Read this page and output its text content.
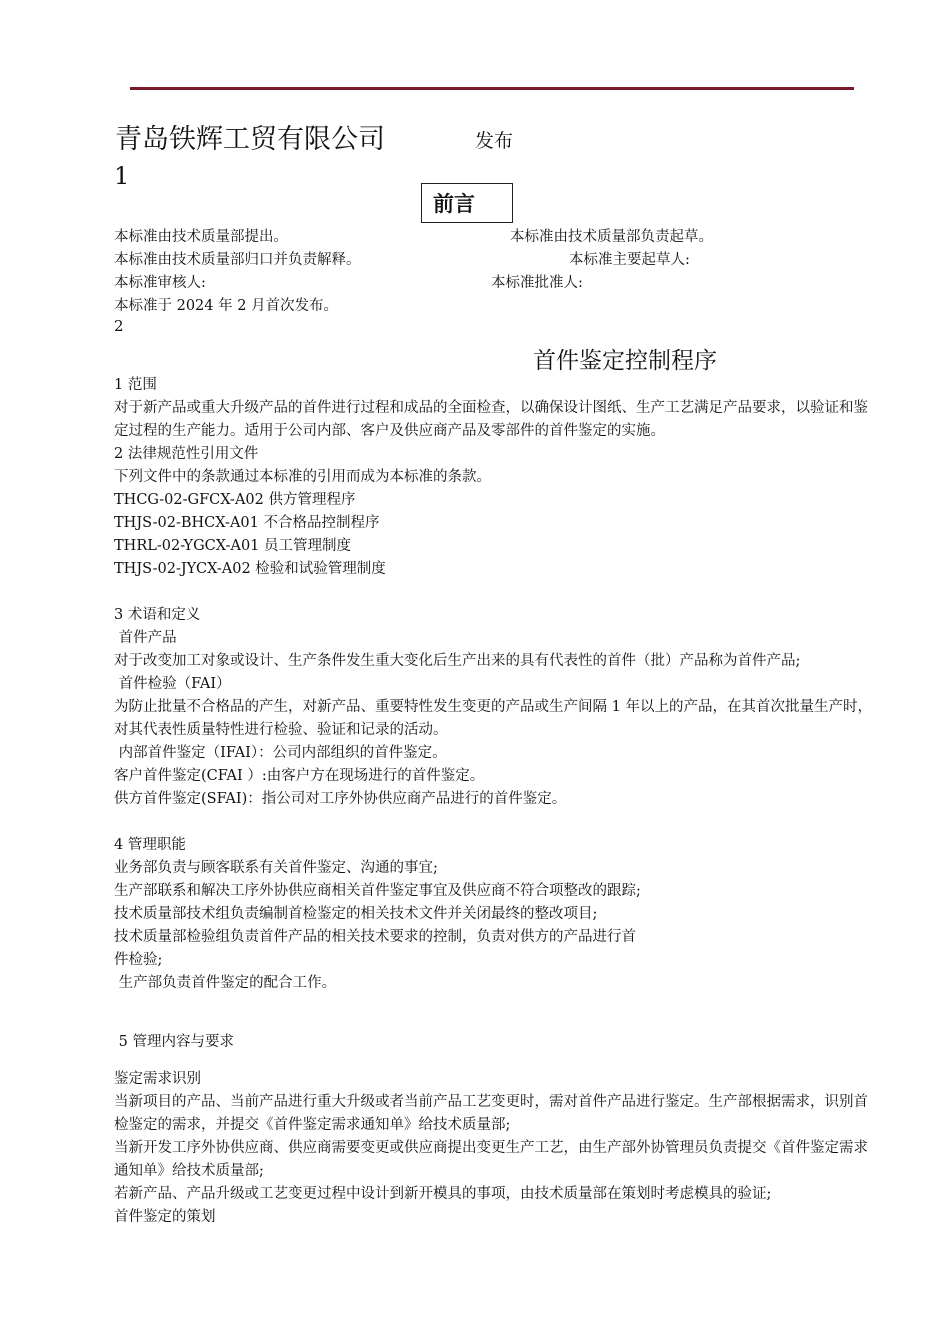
青岛铁辉工贸有限公司	发布
1
前言
本标准由技术质量部提出。	本标准由技术质量部负责起草。
本标准由技术质量部归口并负责解释。	本标准主要起草人:
本标准审核人:	本标准批准人:
本标准于 2024 年 2 月首次发布。
2
首件鉴定控制程序

1 范围

对于新产品或重大升级产品的首件进行过程和成品的全面检查，以确保设计图纸、生产工艺满足产品要求，以验证和鉴定过程的生产能力。适用于公司内部、客户及供应商产品及零部件的首件鉴定的实施。

2 法律规范性引用文件

下列文件中的条款通过本标准的引用而成为本标准的条款。

THCG-02-GFCX-A02 供方管理程序

THJS-02-BHCX-A01 不合格品控制程序

THRL-02-YGCX-A01 员工管理制度

THJS-02-JYCX-A02 检验和试验管理制度

3 术语和定义

首件产品

对于改变加工对象或设计、生产条件发生重大变化后生产出来的具有代表性的首件（批）产品称为首件产品;

首件检验（FAI）

为防止批量不合格品的产生，对新产品、重要特性发生变更的产品或生产间隔 1 年以上的产品，在其首次批量生产时，对其代表性质量特性进行检验、验证和记录的活动。

内部首件鉴定（IFAI）：公司内部组织的首件鉴定。

客户首件鉴定(CFAI ）:由客户方在现场进行的首件鉴定。

供方首件鉴定(SFAI)：指公司对工序外协供应商产品进行的首件鉴定。

4 管理职能

业务部负责与顾客联系有关首件鉴定、沟通的事宜;

生产部联系和解决工序外协供应商相关首件鉴定事宜及供应商不符合项整改的跟踪;

技术质量部技术组负责编制首检鉴定的相关技术文件并关闭最终的整改项目;

技术质量部检验组负责首件产品的相关技术要求的控制，负责对供方的产品进行首

件检验;

生产部负责首件鉴定的配合工作。

5 管理内容与要求

鉴定需求识别

当新项目的产品、当前产品进行重大升级或者当前产品工艺变更时，需对首件产品进行鉴定。生产部根据需求，识别首检鉴定的需求，并提交《首件鉴定需求通知单》给技术质量部;

当新开发工序外协供应商、供应商需要变更或供应商提出变更生产工艺，由生产部外协管理员负责提交《首件鉴定需求通知单》给技术质量部;

若新产品、产品升级或工艺变更过程中设计到新开模具的事项，由技术质量部在策划时考虑模具的验证;

首件鉴定的策划
